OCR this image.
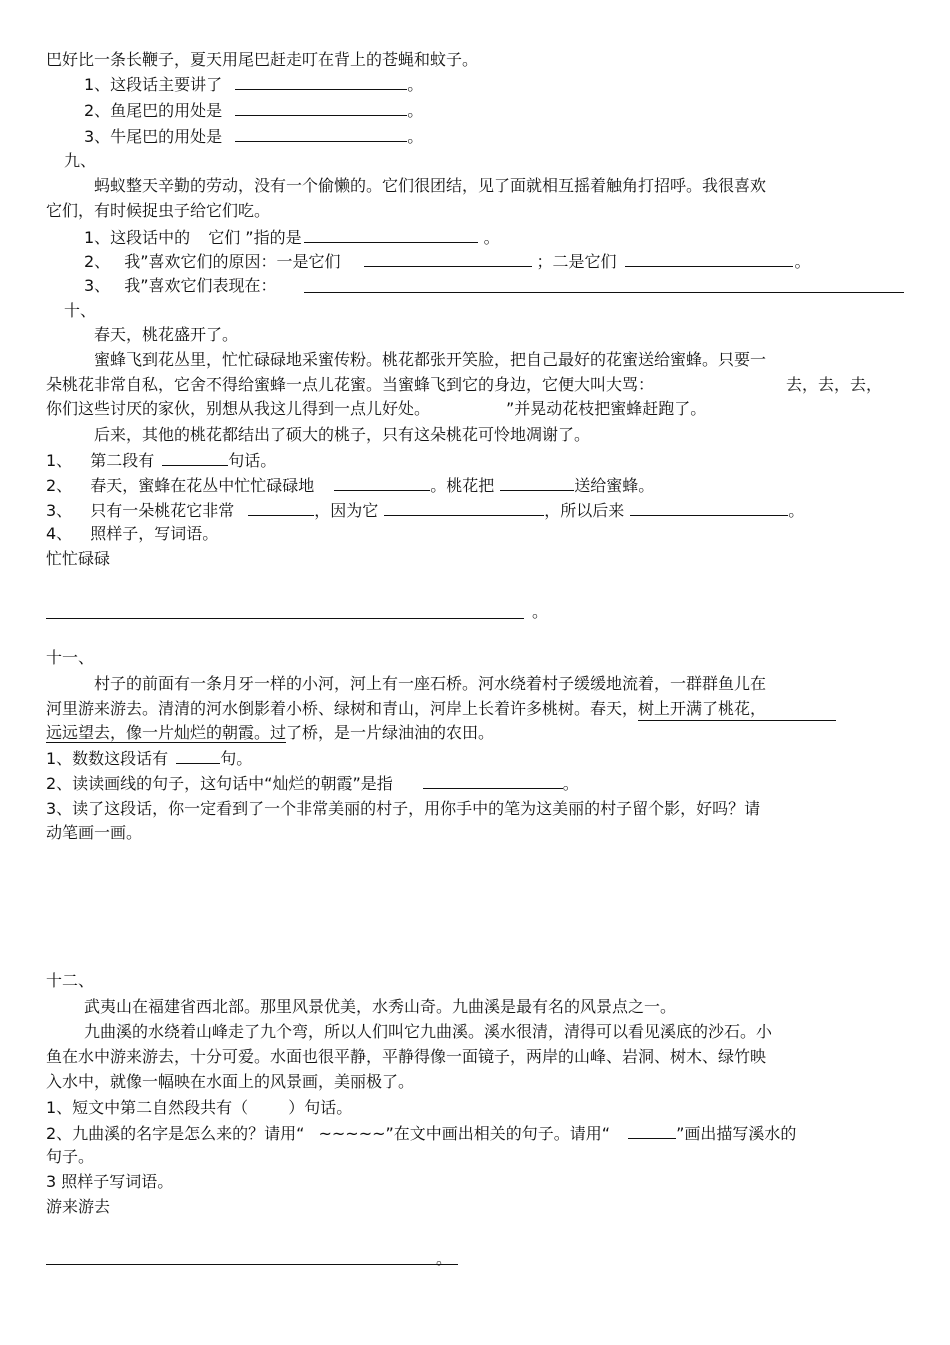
巴好比一条长鞭子，夏天用尾巴赶走叮在背上的苍蝇和蚊子。
1、这段话主要讲了	。
2、鱼尾巴的用处是	。
3、牛尾巴的用处是	。
九、
蚂蚁整天辛勤的劳动，没有一个偷懒的。它们很团结，见了面就相互摇着触角打招呼。我很喜欢
它们，有时候捉虫子给它们吃。
1、这段话中的 它们 ”指的是	。
2、 我”喜欢它们的原因：一是它们	；二是它们	。
3、 我”喜欢它们表现在：
十、
春天，桃花盛开了。
蜜蜂飞到花丛里，忙忙碌碌地采蜜传粉。桃花都张开笑脸，把自己最好的花蜜送给蜜蜂。只要一
朵桃花非常自私，它舍不得给蜜蜂一点儿花蜜。当蜜蜂飞到它的身边，它便大叫大骂：	去，去，去，
你们这些讨厌的家伙，别想从我这儿得到一点儿好处。	”并晃动花枝把蜜蜂赶跑了。
后来，其他的桃花都结出了硕大的桃子，只有这朵桃花可怜地凋谢了。
1、 第二段有	句话。
2、 春天，蜜蜂在花丛中忙忙碌碌地	。桃花把	送给蜜蜂。
3、 只有一朵桃花它非常	，因为它	，所以后来	。
4、 照样子，写词语。
忙忙碌碌
。
十一、
村子的前面有一条月牙一样的小河，河上有一座石桥。河水绕着村子缓缓地流着，一群群鱼儿在
河里游来游去。清清的河水倒影着小桥、绿树和青山，河岸上长着许多桃树。春天，树上开满了桃花，
远远望去，像一片灿烂的朝霞。过了桥，是一片绿油油的农田。
1、数数这段话有	句。
2、读读画线的句子，这句话中“灿烂的朝霞”是指	。
3、读了这段话，你一定看到了一个非常美丽的村子，用你手中的笔为这美丽的村子留个影，好吗？请
动笔画一画。
十二、
武夷山在福建省西北部。那里风景优美，水秀山奇。九曲溪是最有名的风景点之一。
九曲溪的水绕着山峰走了九个弯，所以人们叫它九曲溪。溪水很清，清得可以看见溪底的沙石。小
鱼在水中游来游去，十分可爱。水面也很平静，平静得像一面镜子，两岸的山峰、岩洞、树木、绿竹映
入水中，就像一幅映在水面上的风景画，美丽极了。
1、短文中第二自然段共有（	）句话。
2、九曲溪的名字是怎么来的？请用“ ~~~~~”在文中画出相关的句子。请用“	”画出描写溪水的
句子。
3 照样子写词语。
游来游去
。
